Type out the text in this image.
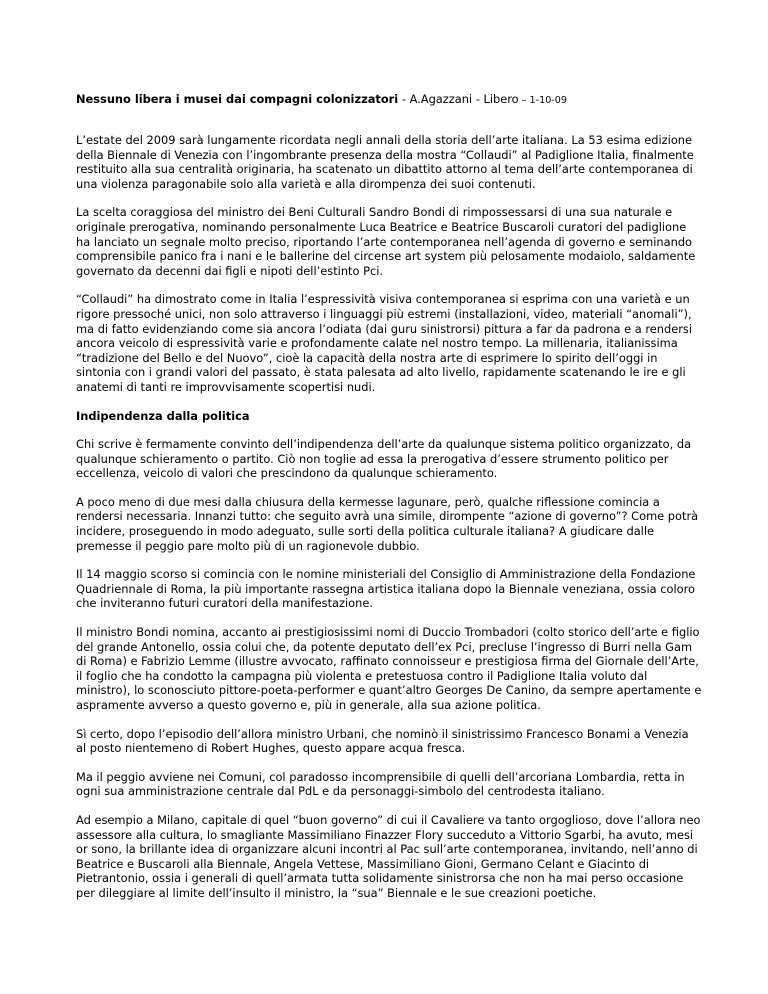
Nessuno libera i musei dai compagni colonizzatori - A.Agazzani - Libero – 1-10-09

L’estate del 2009 sarà lungamente ricordata negli annali della storia dell’arte italiana. La 53 esima edizione della Biennale di Venezia con l’ingombrante presenza della mostra “Collaudi” al Padiglione Italia, finalmente restituito alla sua centralità originaria, ha scatenato un dibattito attorno al tema dell’arte contemporanea di una violenza paragonabile solo alla varietà e alla dirompenza dei suoi contenuti.

La scelta coraggiosa del ministro dei Beni Culturali Sandro Bondi di rimpossessarsi di una sua naturale e originale prerogativa, nominando personalmente Luca Beatrice e Beatrice Buscaroli curatori del padiglione ha lanciato un segnale molto preciso, riportando l’arte contemporanea nell’agenda di governo e seminando comprensibile panico fra i nani e le ballerine del circense art system più pelosamente modaiolo, saldamente governato da decenni dai figli e nipoti dell’estinto Pci.

“Collaudi” ha dimostrato come in Italia l’espressività visiva contemporanea si esprima con una varietà e un rigore pressoché unici, non solo attraverso i linguaggi più estremi (installazioni, video, materiali “anomali”), ma di fatto evidenziando come sia ancora l’odiata (dai guru sinistrorsi) pittura a far da padrona e a rendersi ancora veicolo di espressività varie e profondamente calate nel nostro tempo. La millenaria, italianissima “tradizione del Bello e del Nuovo”, cioè la capacità della nostra arte di esprimere lo spirito dell’oggi in sintonia con i grandi valori del passato, è stata palesata ad alto livello, rapidamente scatenando le ire e gli anatemi di tanti re improvvisamente scopertisi nudi.

Indipendenza dalla politica

Chi scrive è fermamente convinto dell’indipendenza dell’arte da qualunque sistema politico organizzato, da qualunque schieramento o partito. Ciò non toglie ad essa la prerogativa d’essere strumento politico per eccellenza, veicolo di valori che prescindono da qualunque schieramento.

A poco meno di due mesi dalla chiusura della kermesse lagunare, però, qualche riflessione comincia a rendersi necessaria. Innanzi tutto: che seguito avrà una simile, dirompente “azione di governo”? Come potrà incidere, proseguendo in modo adeguato, sulle sorti della politica culturale italiana? A giudicare dalle premesse il peggio pare molto più di un ragionevole dubbio.

Il 14 maggio scorso si comincia con le nomine ministeriali del Consiglio di Amministrazione della Fondazione Quadriennale di Roma, la più importante rassegna artistica italiana dopo la Biennale veneziana, ossia coloro che inviteranno futuri curatori della manifestazione.

Il ministro Bondi nomina, accanto ai prestigiosissimi nomi di Duccio Trombadori (colto storico dell’arte e figlio del grande Antonello, ossia colui che, da potente deputato dell’ex Pci, precluse l’ingresso di Burri nella Gam di Roma) e Fabrizio Lemme (illustre avvocato, raffinato connoisseur e prestigiosa firma del Giornale dell’Arte, il foglio che ha condotto la campagna più violenta e pretestuosa contro il Padiglione Italia voluto dal ministro), lo sconosciuto pittore-poeta-performer e quant’altro Georges De Canino, da sempre apertamente e aspramente avverso a questo governo e, più in generale, alla sua azione politica.

Sì certo, dopo l’episodio dell’allora ministro Urbani, che nominò il sinistrissimo Francesco Bonami a Venezia al posto nientemeno di Robert Hughes, questo appare acqua fresca.

Ma il peggio avviene nei Comuni, col paradosso incomprensibile di quelli dell’arcoriana Lombardia, retta in ogni sua amministrazione centrale dal PdL e da personaggi-simbolo del centrodesta italiano.

Ad esempio a Milano, capitale di quel “buon governo” di cui il Cavaliere va tanto orgoglioso, dove l’allora neo assessore alla cultura, lo smagliante Massimiliano Finazzer Flory succeduto a Vittorio Sgarbi, ha avuto, mesi or sono, la brillante idea di organizzare alcuni incontri al Pac sull’arte contemporanea, invitando, nell’anno di Beatrice e Buscaroli alla Biennale, Angela Vettese, Massimiliano Gioni, Germano Celant e Giacinto di Pietrantonio, ossia i generali di quell’armata tutta solidamente sinistrorsa che non ha mai perso occasione per dileggiare al limite dell’insulto il ministro, la “sua” Biennale e le sue creazioni poetiche.
